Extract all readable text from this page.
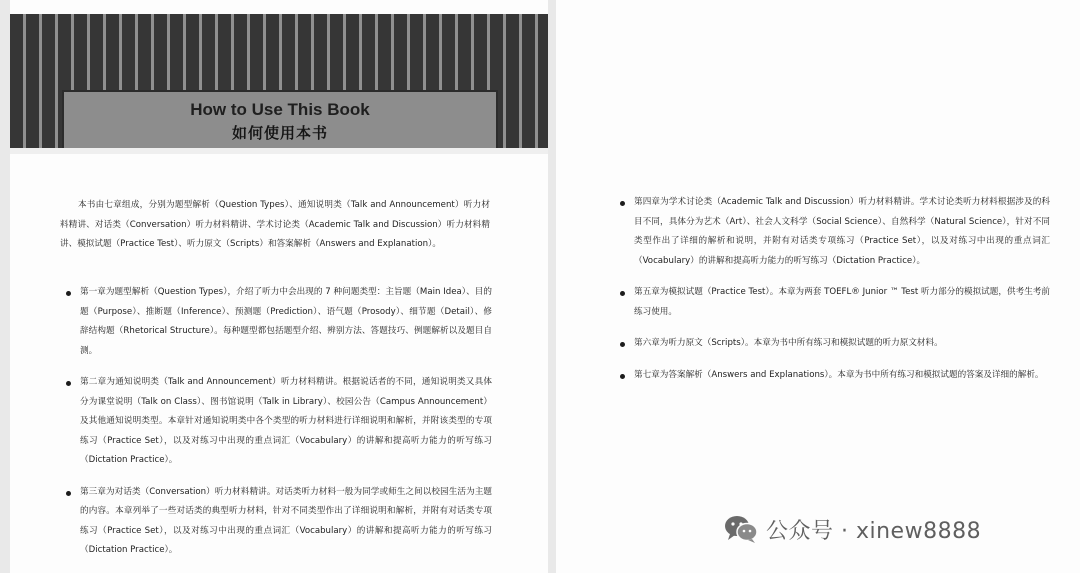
How to Use This Book
如何使用本书

本书由七章组成，分别为题型解析（Question Types）、通知说明类（Talk and Announcement）听力材料精讲、对话类（Conversation）听力材料精讲、学术讨论类（Academic Talk and Discussion）听力材料精讲、模拟试题（Practice Test）、听力原文（Scripts）和答案解析（Answers and Explanation）。

第一章为题型解析（Question Types），介绍了听力中会出现的 7 种问题类型：主旨题（Main Idea）、目的题（Purpose）、推断题（Inference）、预测题（Prediction）、语气题（Prosody）、细节题（Detail）、修辞结构题（Rhetorical Structure）。每种题型都包括题型介绍、辨别方法、答题技巧、例题解析以及题目自测。
第二章为通知说明类（Talk and Announcement）听力材料精讲。根据说话者的不同，通知说明类又具体分为课堂说明（Talk on Class）、图书馆说明（Talk in Library）、校园公告（Campus Announcement）及其他通知说明类型。本章针对通知说明类中各个类型的听力材料进行详细说明和解析，并附该类型的专项练习（Practice Set），以及对练习中出现的重点词汇（Vocabulary）的讲解和提高听力能力的听写练习（Dictation Practice）。
第三章为对话类（Conversation）听力材料精讲。对话类听力材料一般为同学或师生之间以校园生活为主题的内容。本章列举了一些对话类的典型听力材料，针对不同类型作出了详细说明和解析，并附有对话类专项练习（Practice Set），以及对练习中出现的重点词汇（Vocabulary）的讲解和提高听力能力的听写练习（Dictation Practice）。
第四章为学术讨论类（Academic Talk and Discussion）听力材料精讲。学术讨论类听力材料根据涉及的科目不同，具体分为艺术（Art）、社会人文科学（Social Science）、自然科学（Natural Science），针对不同类型作出了详细的解析和说明，并附有对话类专项练习（Practice Set），以及对练习中出现的重点词汇（Vocabulary）的讲解和提高听力能力的听写练习（Dictation Practice）。
第五章为模拟试题（Practice Test）。本章为两套 TOEFL® Junior ™ Test 听力部分的模拟试题，供考生考前练习使用。
第六章为听力原文（Scripts）。本章为书中所有练习和模拟试题的听力原文材料。
第七章为答案解析（Answers and Explanations）。本章为书中所有练习和模拟试题的答案及详细的解析。
公众号 · xinew8888
